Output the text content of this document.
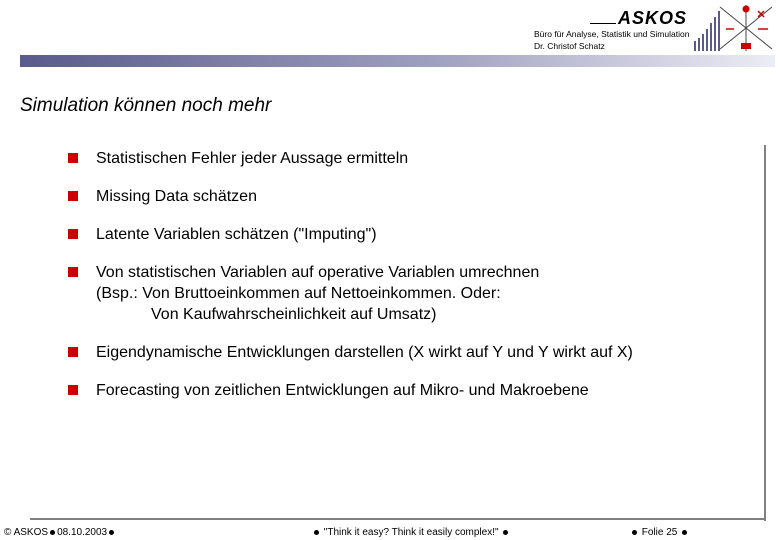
ASKOS
Büro für Analyse, Statistik und Simulation
Dr. Christof Schatz
Simulation können noch mehr
Statistischen Fehler jeder Aussage ermitteln
Missing Data schätzen
Latente Variablen schätzen ("Imputing")
Von statistischen Variablen auf operative Variablen umrechnen
(Bsp.: Von Bruttoeinkommen auf Nettoeinkommen. Oder:
Von Kaufwahrscheinlichkeit auf Umsatz)
Eigendynamische Entwicklungen darstellen (X wirkt auf Y und Y wirkt auf X)
Forecasting von zeitlichen Entwicklungen auf Mikro- und Makroebene
© ASKOS 08.10.2003	"Think it easy? Think it easily complex!"	Folie 25
